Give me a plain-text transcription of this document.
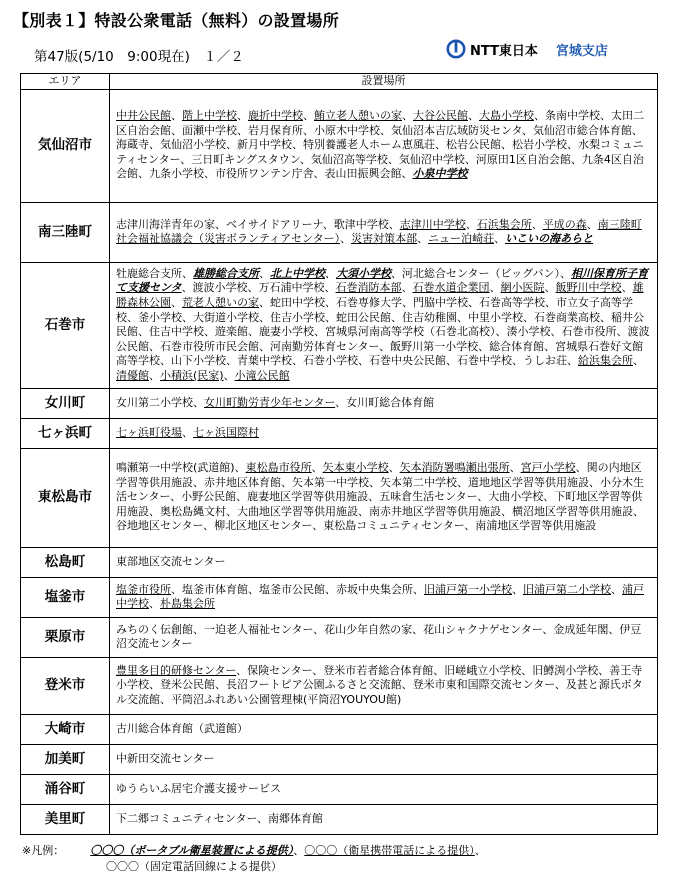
【別表１】特設公衆電話（無料）の設置場所
第47版(5/10　9:00現在)　１／２	NTT東日本 宮城支店
エリア	設置場所
気仙沼市	中井公民館、階上中学校、鹿折中学校、鮪立老人憩いの家、大谷公民館、大島小学校、条南中学校、太田二区自治会館、面瀬中学校、岩月保育所、小原木中学校、気仙沼本吉広域防災センタ、気仙沼市総合体育館、海蔵寺、気仙沼小学校、新月中学校、特別養護老人ホーム恵風荘、松岩公民館、松岩小学校、水梨コミュニティセンター、三日町キングスタウン、気仙沼高等学校、気仙沼中学校、河原田1区自治会館、九条4区自治会館、九条小学校、市役所ワンテン庁舎、表山田振興会館、小泉中学校
南三陸町	志津川海洋青年の家、ベイサイドアリーナ、歌津中学校、志津川中学校、石浜集会所、平成の森、南三陸町社会福祉協議会（災害ボランティアセンター）、災害対策本部、ニュー泊崎荘、いこいの海あらと
石巻市	牡鹿総合支所、雄勝総合支所、北上中学校、大須小学校、河北総合センター（ビッグバン）、相川保育所子育て支援センタ、渡波小学校、万石浦中学校、石巻消防本部、石巻水道企業団、網小医院、飯野川中学校、雄勝森林公園、荒老人憩いの家、蛇田中学校、石巻専修大学、門脇中学校、石巻高等学校、市立女子高等学校、釜小学校、大街道小学校、住吉小学校、蛇田公民館、住吉幼稚園、中里小学校、石巻商業高校、稲井公民館、住吉中学校、遊楽館、鹿妻小学校、宮城県河南高等学校（石巻北高校）、湊小学校、石巻市役所、渡波公民館、石巻市役所市民会館、河南勤労体育センター、飯野川第一小学校、総合体育館、宮城県石巻好文館高等学校、山下小学校、青葉中学校、石巻小学校、石巻中央公民館、石巻中学校、うしお荘、給浜集会所、清優館、小積浜(民家)、小滝公民館
女川町	女川第二小学校、女川町勤労青少年センター、女川町総合体育館
七ヶ浜町	七ヶ浜町役場、七ヶ浜国際村
東松島市	鳴瀬第一中学校(武道館)、東松島市役所、矢本東小学校、矢本消防署鳴瀬出張所、宮戸小学校、関の内地区学習等供用施設、赤井地区体育館、矢本第一中学校、矢本第二中学校、道地地区学習等供用施設、小分木生活センター、小野公民館、鹿妻地区学習等供用施設、五味倉生活センター、大曲小学校、下町地区学習等供用施設、奥松島縄文村、大曲地区学習等供用施設、南赤井地区学習等供用施設、横沼地区学習等供用施設、谷地地区センター、柳北区地区センター、東松島コミュニティセンター、南浦地区学習等供用施設
松島町	東部地区交流センター
塩釜市	塩釜市役所、塩釜市体育館、塩釜市公民館、赤坂中央集会所、旧浦戸第一小学校、旧浦戸第二小学校、浦戸中学校、朴島集会所
栗原市	みちのく伝創館、一迫老人福祉センター、花山少年自然の家、花山シャクナゲセンター、金成延年閣、伊豆沼交流センター
登米市	豊里多目的研修センター、保険センター、登米市若者総合体育館、旧嵯峨立小学校、旧鱒渕小学校、善王寺小学校、登米公民館、長沼フートピア公園ふるさと交流館、登米市東和国際交流センター、及甚と源氏ボタル交流館、平筒沼ふれあい公園管理棟(平筒沼YOUYOU館)
大崎市	古川総合体育館（武道館）
加美町	中新田交流センター
涌谷町	ゆうらいふ居宅介護支援サービス
美里町	下二郷コミュニティセンター、南郷体育館
※凡例： 〇〇〇（ポータブル衛星装置による提供）、〇〇〇（衛星携帯電話による提供）、
〇〇〇（固定電話回線による提供）
